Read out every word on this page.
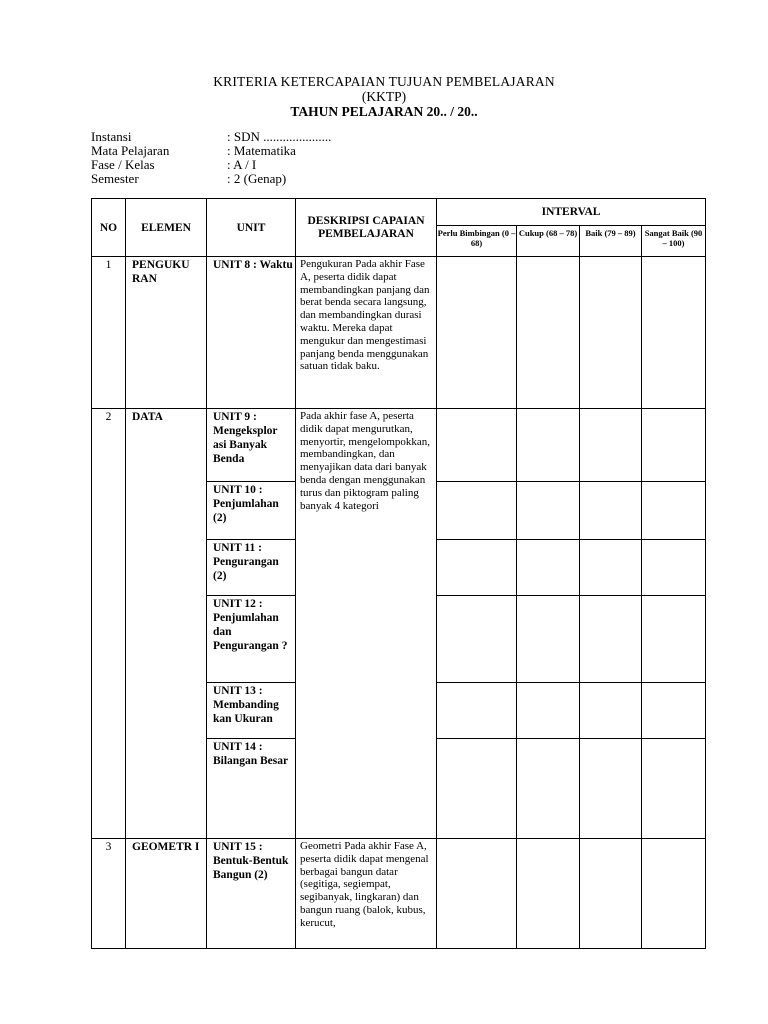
KRITERIA KETERCAPAIAN TUJUAN PEMBELAJARAN
(KKTP)
TAHUN PELAJARAN 20.. / 20..
Instansi	: SDN .....................
Mata Pelajaran	: Matematika
Fase / Kelas	: A / I
Semester	: 2 (Genap)
NO	ELEMEN	UNIT	DESKRIPSI CAPAIAN PEMBELAJARAN	INTERVAL			
				Perlu Bimbingan (0 – 68)	Cukup (68 – 78)	Baik (79 – 89)	Sangat Baik (90 – 100)
1	PENGUKU RAN	UNIT 8 : Waktu	Pengukuran Pada akhir Fase A, peserta didik dapat membandingkan panjang dan berat benda secara langsung, dan membandingkan durasi waktu. Mereka dapat mengukur dan mengestimasi panjang benda menggunakan satuan tidak baku.				
2	DATA	UNIT 9 : Mengeksplor asi Banyak Benda	Pada akhir fase A, peserta didik dapat mengurutkan, menyortir, mengelompokkan, membandingkan, dan menyajikan data dari banyak benda dengan menggunakan turus dan piktogram paling banyak 4 kategori				
		UNIT 10 : Penjumlahan (2)					
		UNIT 11 : Pengurangan (2)					
		UNIT 12 : Penjumlahan dan Pengurangan ?					
		UNIT 13 : Membanding kan Ukuran					
		UNIT 14 : Bilangan Besar					
3	GEOMETR I	UNIT 15 : Bentuk-Bentuk Bangun (2)	Geometri Pada akhir Fase A, peserta didik dapat mengenal berbagai bangun datar (segitiga, segiempat, segibanyak, lingkaran) dan bangun ruang (balok, kubus, kerucut,				
